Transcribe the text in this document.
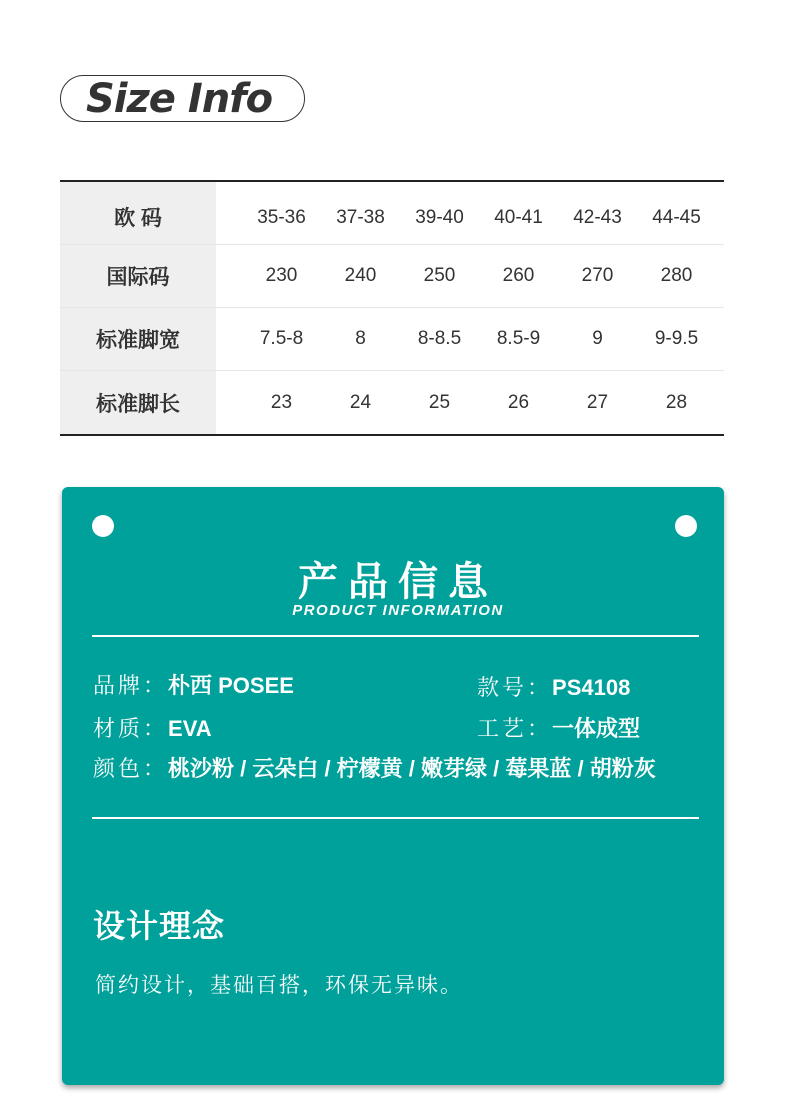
Size Info
欧 码	35-36	37-38	39-40	40-41	42-43	44-45
国际码	230	240	250	260	270	280
标准脚宽	7.5-8	8	8-8.5	8.5-9	9	9-9.5
标准脚长	23	24	25	26	27	28
产品信息
PRODUCT INFORMATION
品牌：朴西 POSEE	款号：PS4108
材质：EVA	工艺：一体成型
颜色：桃沙粉 / 云朵白 / 柠檬黄 / 嫩芽绿 / 莓果蓝 / 胡粉灰
设计理念
简约设计，基础百搭，环保无异味。
